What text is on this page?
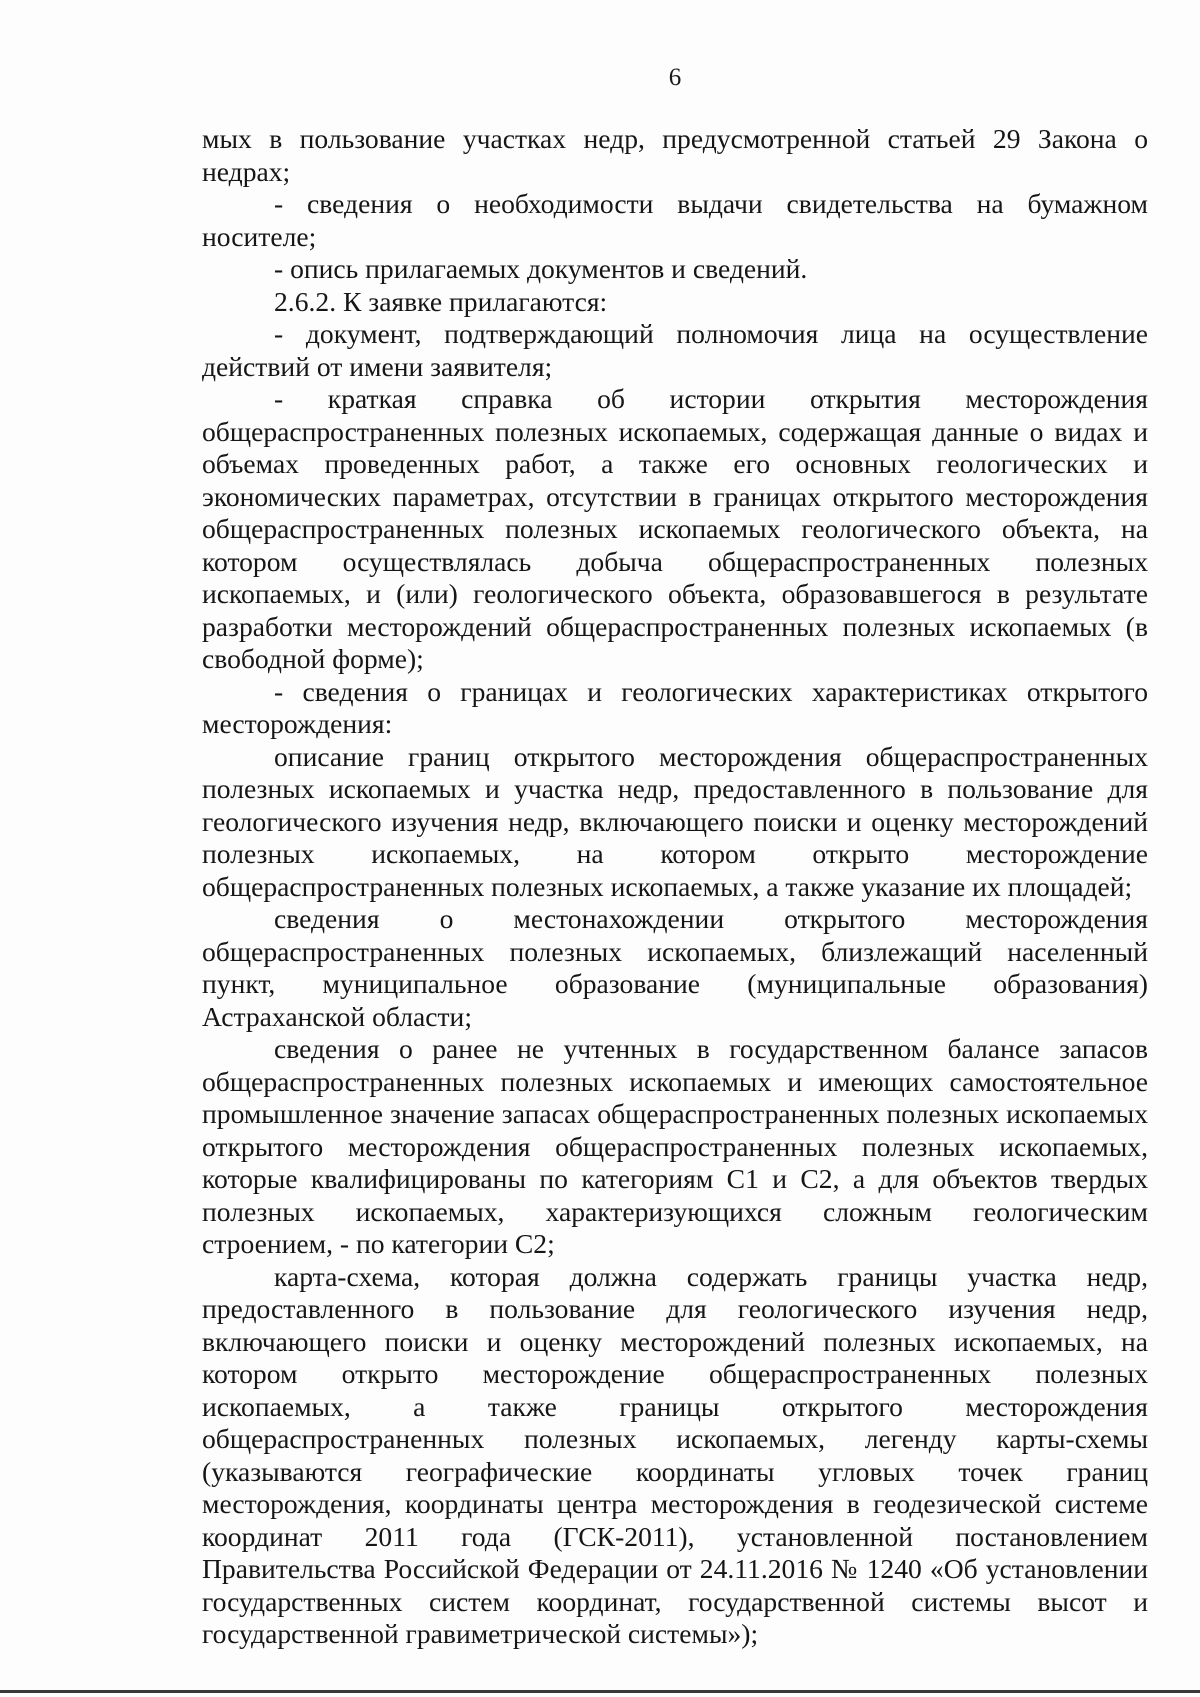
6

мых в пользование участках недр, предусмотренной статьей 29 Закона о недрах;

- сведения о необходимости выдачи свидетельства на бумажном носителе;

- опись прилагаемых документов и сведений.

2.6.2. К заявке прилагаются:

- документ, подтверждающий полномочия лица на осуществление действий от имени заявителя;

- краткая справка об истории открытия месторождения общераспространенных полезных ископаемых, содержащая данные о видах и объемах проведенных работ, а также его основных геологических и экономических параметрах, отсутствии в границах открытого месторождения общераспространенных полезных ископаемых геологического объекта, на котором осуществлялась добыча общераспространенных полезных ископаемых, и (или) геологического объекта, образовавшегося в результате разработки месторождений общераспространенных полезных ископаемых (в свободной форме);

- сведения о границах и геологических характеристиках открытого месторождения:

описание границ открытого месторождения общераспространенных полезных ископаемых и участка недр, предоставленного в пользование для геологического изучения недр, включающего поиски и оценку месторождений полезных ископаемых, на котором открыто месторождение общераспространенных полезных ископаемых, а также указание их площадей;

сведения о местонахождении открытого месторождения общераспространенных полезных ископаемых, близлежащий населенный пункт, муниципальное образование (муниципальные образования) Астраханской области;

сведения о ранее не учтенных в государственном балансе запасов общераспространенных полезных ископаемых и имеющих самостоятельное промышленное значение запасах общераспространенных полезных ископаемых открытого месторождения общераспространенных полезных ископаемых, которые квалифицированы по категориям С1 и С2, а для объектов твердых полезных ископаемых, характеризующихся сложным геологическим строением, - по категории С2;

карта-схема, которая должна содержать границы участка недр, предоставленного в пользование для геологического изучения недр, включающего поиски и оценку месторождений полезных ископаемых, на котором открыто месторождение общераспространенных полезных ископаемых, а также границы открытого месторождения общераспространенных полезных ископаемых, легенду карты-схемы (указываются географические координаты угловых точек границ месторождения, координаты центра месторождения в геодезической системе координат 2011 года (ГСК-2011), установленной постановлением Правительства Российской Федерации от 24.11.2016 № 1240 «Об установлении государственных систем координат, государственной системы высот и государственной гравиметрической системы»);
